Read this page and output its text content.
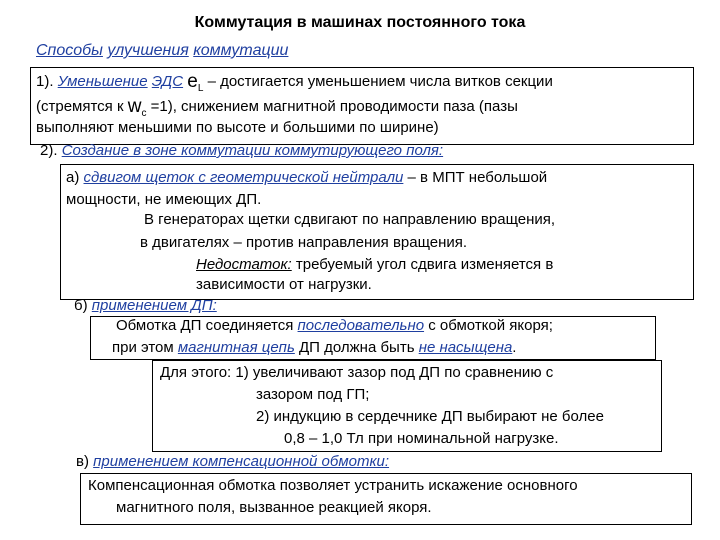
Коммутация в машинах постоянного тока
Способы улучшения коммутации
1). Уменьшение ЭДС $e_L$ – достигается уменьшением числа витков секции
(стремятся к $w_c =1$), снижением магнитной проводимости паза (пазы
выполняют меньшими по высоте и большими по ширине)
2). Создание в зоне коммутации коммутирующего поля:
а) сдвигом щеток с геометрической нейтрали – в МПТ небольшой
мощности, не имеющих ДП.
В генераторах щетки сдвигают по направлению вращения,
в двигателях – против направления вращения.
Недостаток: требуемый угол сдвига изменяется в
зависимости от нагрузки.
б) применением ДП:
Обмотка ДП соединяется последовательно с обмоткой якоря;
при этом магнитная цепь ДП должна быть не насыщена.
Для этого: 1) увеличивают зазор под ДП по сравнению с
зазором под ГП;
2) индукцию в сердечнике ДП выбирают не более
0,8 – 1,0 Тл при номинальной нагрузке.
в) применением компенсационной обмотки:
Компенсационная обмотка позволяет устранить искажение основного
магнитного поля, вызванное реакцией якоря.
